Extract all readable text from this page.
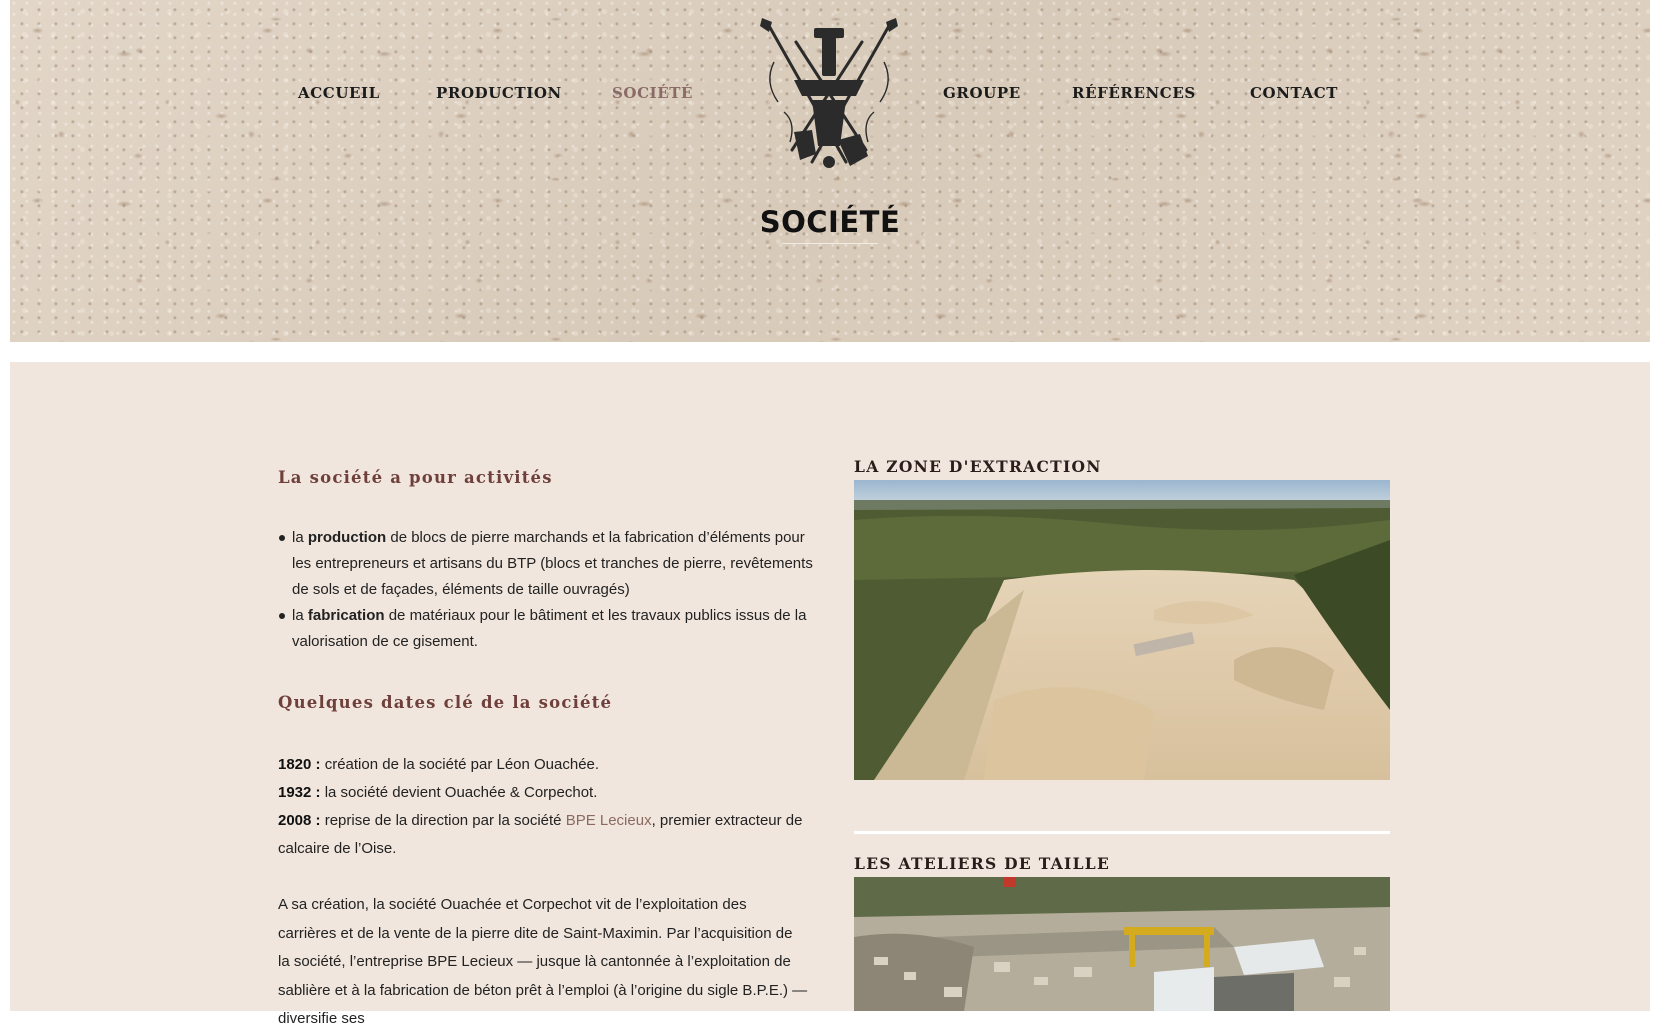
ACCUEIL	PRODUCTION	SOCIÉTÉ	GROUPE	RÉFÉRENCES	CONTACT
SOCIÉTÉ
La société a pour activités
la production de blocs de pierre marchands et la fabrication d’éléments pour les entrepreneurs et artisans du BTP (blocs et tranches de pierre, revêtements de sols et de façades, éléments de taille ouvragés)
la fabrication de matériaux pour le bâtiment et les travaux publics issus de la valorisation de ce gisement.
Quelques dates clé de la société
1820 : création de la société par Léon Ouachée.
1932 : la société devient Ouachée & Corpechot.
2008 : reprise de la direction par la société BPE Lecieux, premier extracteur de calcaire de l’Oise.

A sa création, la société Ouachée et Corpechot vit de l’exploitation des carrières et de la vente de la pierre dite de Saint-Maximin. Par l’acquisition de la société, l’entreprise BPE Lecieux — jusque là cantonnée à l’exploitation de sablière et à la fabrication de béton prêt à l’emploi (à l’origine du sigle B.P.E.) — diversifie ses

LA ZONE D'EXTRACTION
LES ATELIERS DE TAILLE
